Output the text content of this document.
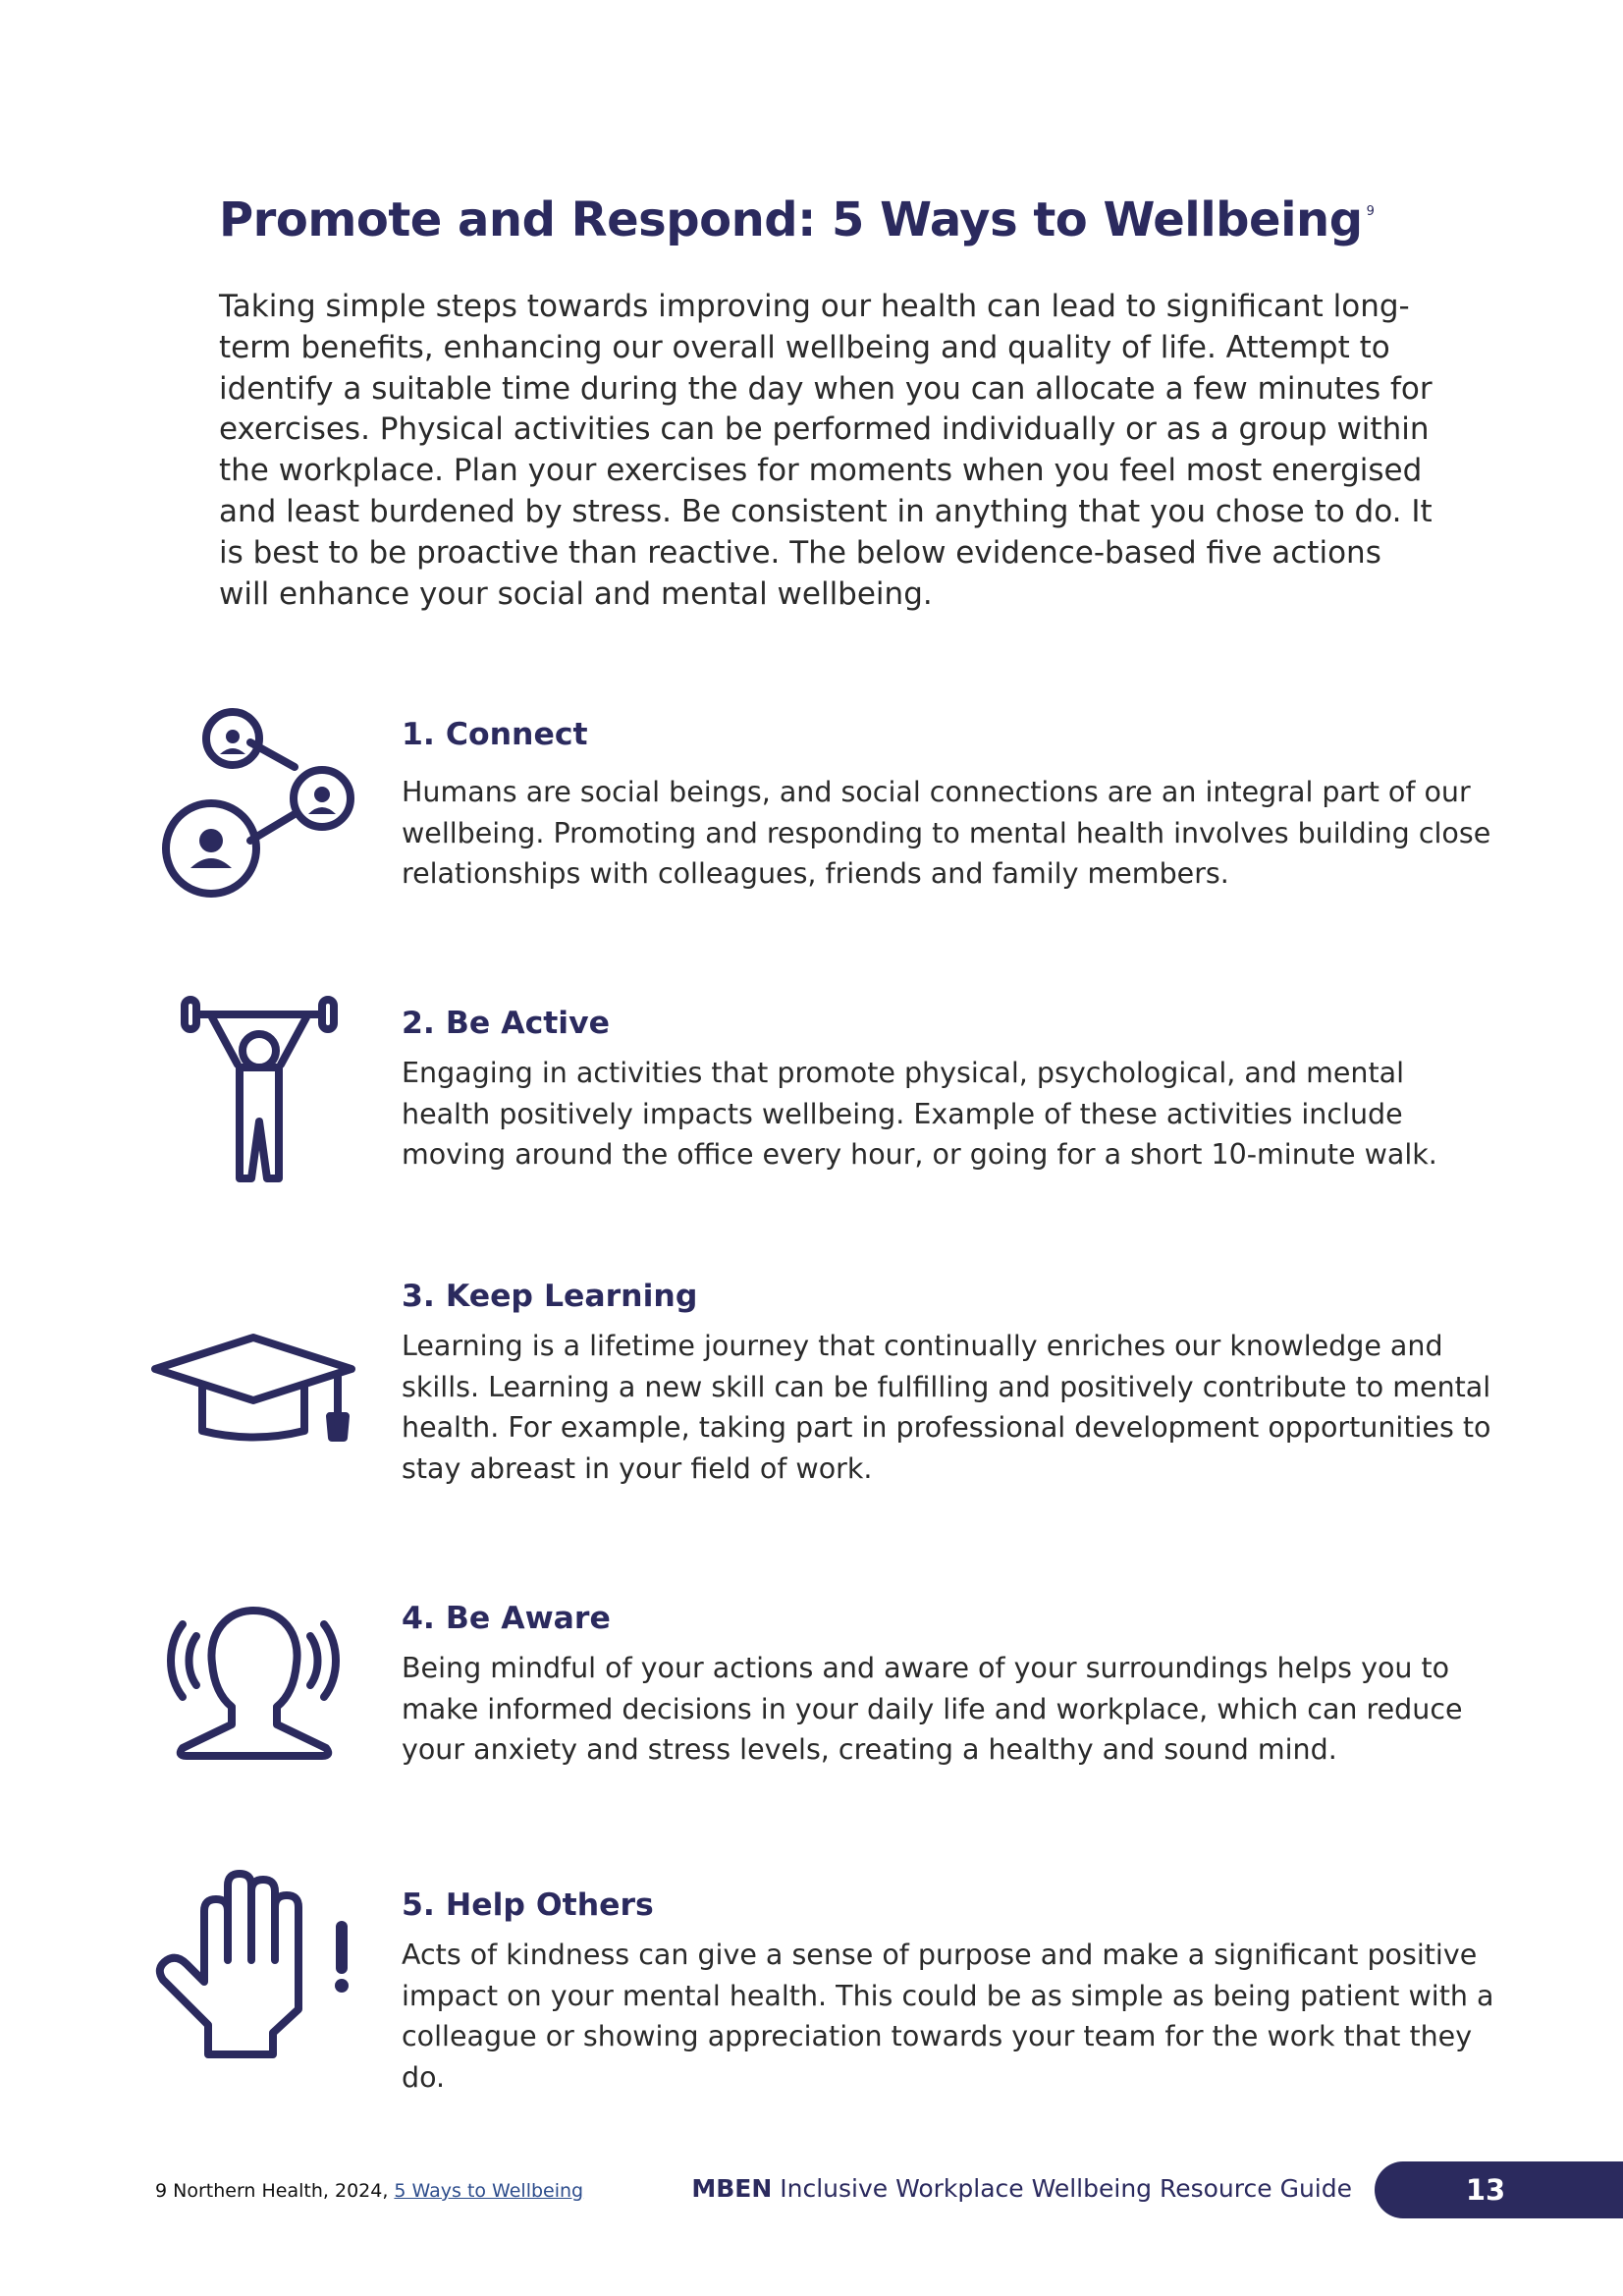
Promote and Respond: 5 Ways to Wellbeing $^9$

Taking simple steps towards improving our health can lead to significant long-term benefits, enhancing our overall wellbeing and quality of life. Attempt to identify a suitable time during the day when you can allocate a few minutes for exercises. Physical activities can be performed individually or as a group within the workplace. Plan your exercises for moments when you feel most energised and least burdened by stress. Be consistent in anything that you chose to do. It is best to be proactive than reactive. The below evidence-based five actions will enhance your social and mental wellbeing.

1. Connect

Humans are social beings, and social connections are an integral part of our wellbeing. Promoting and responding to mental health involves building close relationships with colleagues, friends and family members.

2. Be Active

Engaging in activities that promote physical, psychological, and mental health positively impacts wellbeing. Example of these activities include moving around the office every hour, or going for a short 10-minute walk.

3. Keep Learning

Learning is a lifetime journey that continually enriches our knowledge and skills. Learning a new skill can be fulfilling and positively contribute to mental health. For example, taking part in professional development opportunities to stay abreast in your field of work.

4. Be Aware

Being mindful of your actions and aware of your surroundings helps you to make informed decisions in your daily life and workplace, which can reduce your anxiety and stress levels, creating a healthy and sound mind.

5. Help Others

Acts of kindness can give a sense of purpose and make a significant positive impact on your mental health. This could be as simple as being patient with a colleague or showing appreciation towards your team for the work that they do.

9 Northern Health, 2024, 5 Ways to Wellbeing	MBEN Inclusive Workplace Wellbeing Resource Guide	13
